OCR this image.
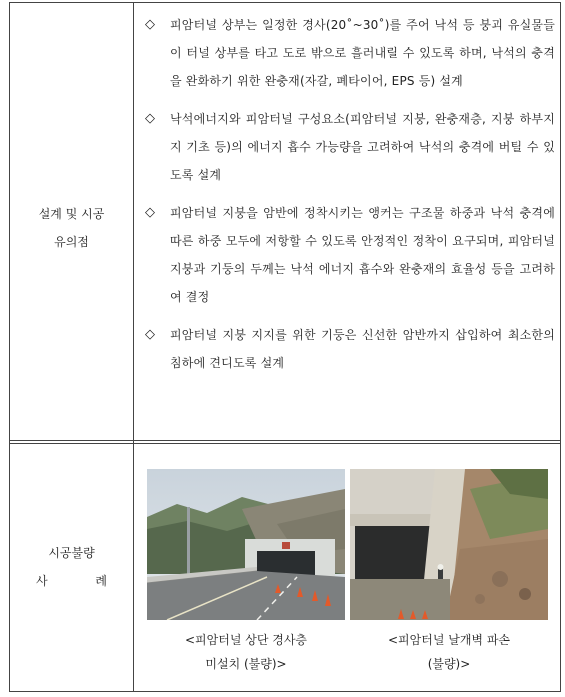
설계 및 시공
유의점
◇ 피암터널 상부는 일정한 경사(20˚~30˚)를 주어 낙석 등 붕괴 유실물들이 터널 상부를 타고 도로 밖으로 흘러내릴 수 있도록 하며, 낙석의 충격을 완화하기 위한 완충재(자갈, 폐타이어, EPS 등) 설계
◇ 낙석에너지와 피암터널 구성요소(피암터널 지붕, 완충재층, 지붕 하부지지 기초 등)의 에너지 흡수 가능량을 고려하여 낙석의 충격에 버틸 수 있도록 설계
◇ 피암터널 지붕을 암반에 정착시키는 앵커는 구조물 하중과 낙석 충격에 따른 하중 모두에 저항할 수 있도록 안정적인 정착이 요구되며, 피암터널 지붕과 기둥의 두께는 낙석 에너지 흡수와 완충재의 효율성 등을 고려하여 결정
◇ 피암터널 지붕 지지를 위한 기둥은 신선한 암반까지 삽입하여 최소한의 침하에 견디도록 설계
시공불량
사 례
<피암터널 상단 경사층
미설치 (불량)>
<피암터널 날개벽 파손
(불량)>
